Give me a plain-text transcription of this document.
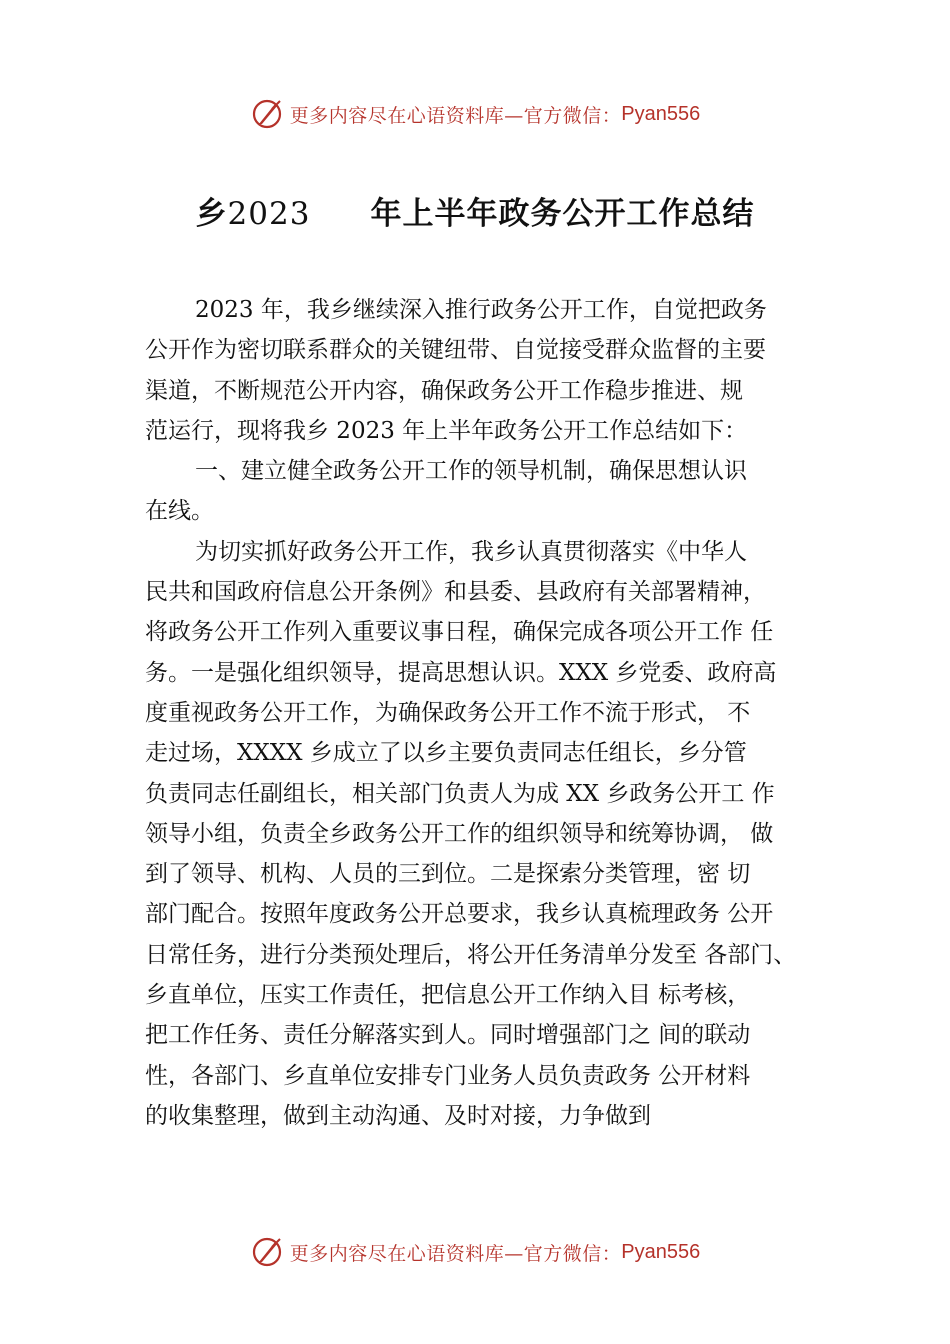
更多内容尽在心语资料库—官方微信： Pyan556
乡2023 年上半年政务公开工作总结
2023 年，我乡继续深入推行政务公开工作，自觉把政务
公开作为密切联系群众的关键纽带、自觉接受群众监督的主要
渠道，不断规范公开内容，确保政务公开工作稳步推进、规
范运行，现将我乡 2023 年上半年政务公开工作总结如下：
一、建立健全政务公开工作的领导机制，确保思想认识
在线。
为切实抓好政务公开工作，我乡认真贯彻落实《中华人
民共和国政府信息公开条例》和县委、县政府有关部署精神，
将政务公开工作列入重要议事日程，确保完成各项公开工作 任
务。一是强化组织领导，提高思想认识。XXX 乡党委、政府高
度重视政务公开工作，为确保政务公开工作不流于形式， 不
走过场，XXXX 乡成立了以乡主要负责同志任组长，乡分管
负责同志任副组长，相关部门负责人为成 XX 乡政务公开工 作
领导小组，负责全乡政务公开工作的组织领导和统筹协调， 做
到了领导、机构、人员的三到位。二是探索分类管理，密 切
部门配合。按照年度政务公开总要求，我乡认真梳理政务 公开
日常任务，进行分类预处理后，将公开任务清单分发至 各部门、
乡直单位，压实工作责任，把信息公开工作纳入目 标考核，
把工作任务、责任分解落实到人。同时增强部门之 间的联动
性，各部门、乡直单位安排专门业务人员负责政务 公开材料
的收集整理，做到主动沟通、及时对接，力争做到
更多内容尽在心语资料库—官方微信： Pyan556
